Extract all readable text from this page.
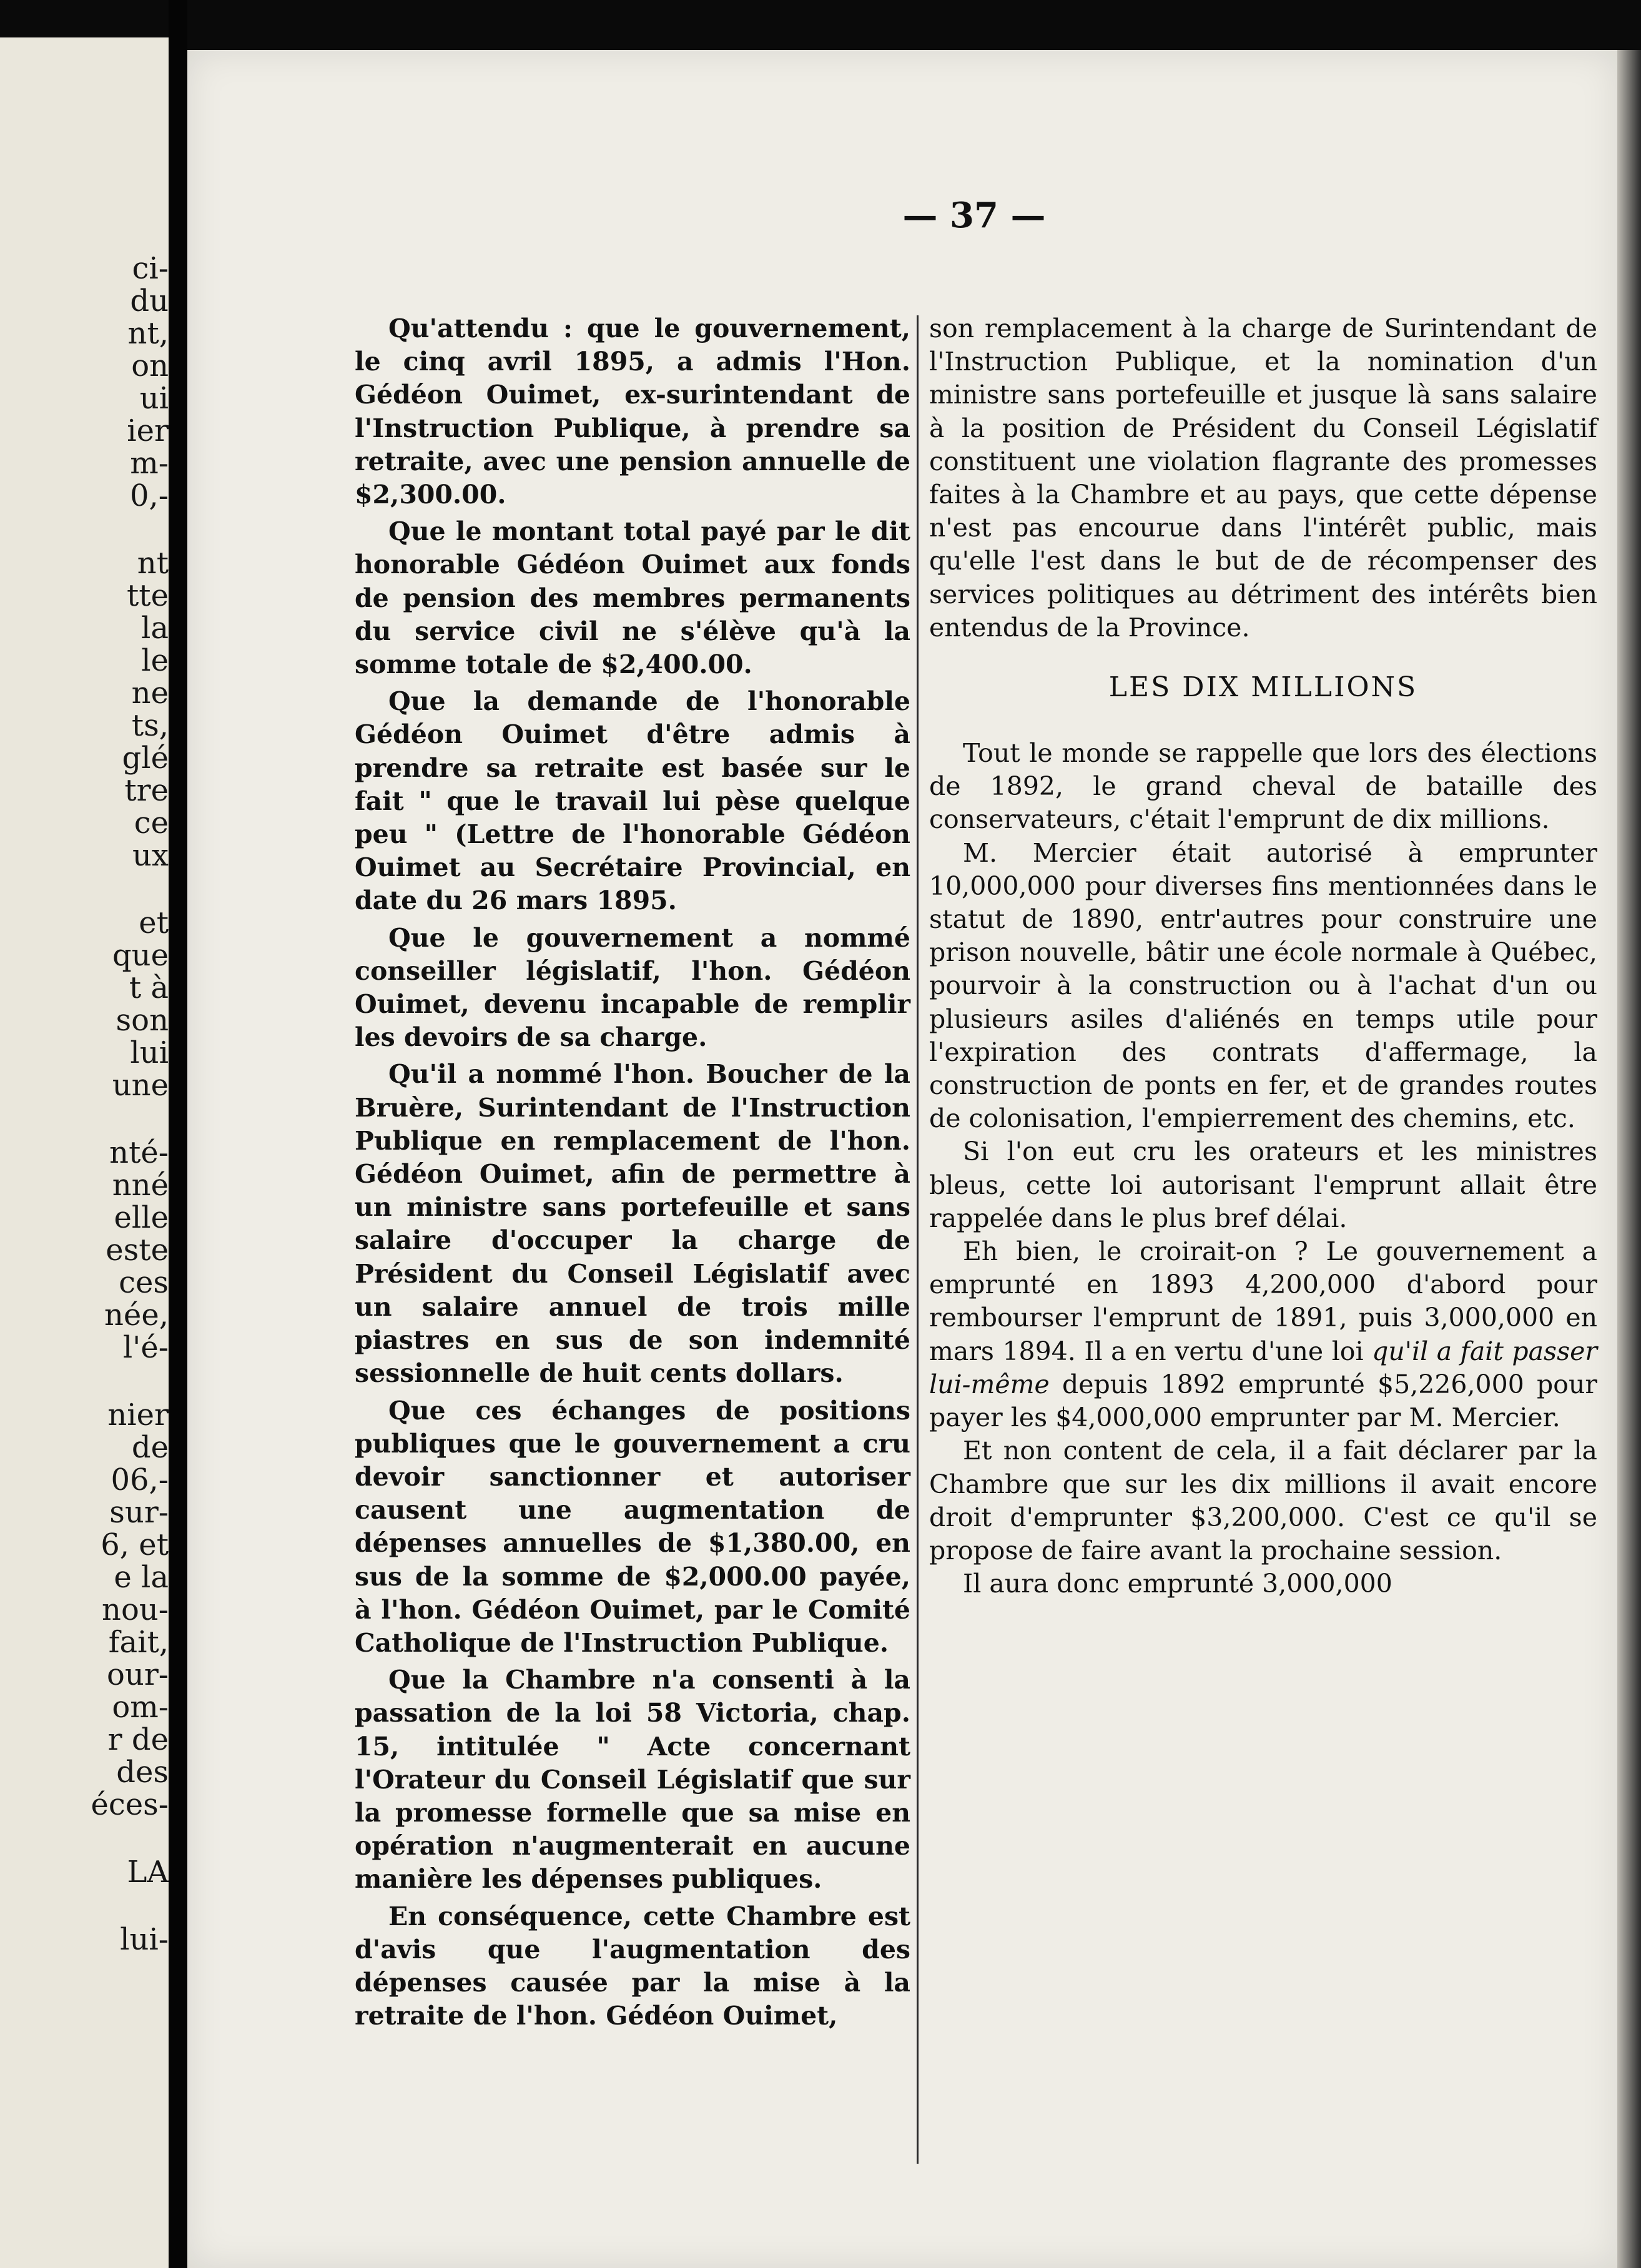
ci-
du
nt,
on
ui
ier
m-
0,-
nt
tte
la
le
ne
ts,
glé
tre
ce
ux
et
que
t à
son
lui
une
nté-
nné
elle
este
ces
née,
l'é-
nier
de
06,-
sur-
6, et
e la
nou-
fait,
our-
om-
r de
des
éces-
LA
lui-
— 37 —

Qu'attendu : que le gouvernement, le cinq avril 1895, a admis l'Hon. Gédéon Ouimet, ex-surintendant de l'Instruction Publique, à prendre sa retraite, avec une pension annuelle de $2,300.00.

Que le montant total payé par le dit honorable Gédéon Ouimet aux fonds de pension des membres permanents du service civil ne s'élève qu'à la somme totale de $2,400.00.

Que la demande de l'honorable Gédéon Ouimet d'être admis à prendre sa retraite est basée sur le fait " que le travail lui pèse quelque peu " (Lettre de l'honorable Gédéon Ouimet au Secrétaire Provincial, en date du 26 mars 1895.

Que le gouvernement a nommé conseiller législatif, l'hon. Gédéon Ouimet, devenu incapable de remplir les devoirs de sa charge.

Qu'il a nommé l'hon. Boucher de la Bruère, Surintendant de l'Instruction Publique en remplacement de l'hon. Gédéon Ouimet, afin de permettre à un ministre sans portefeuille et sans salaire d'occuper la charge de Président du Conseil Législatif avec un salaire annuel de trois mille piastres en sus de son indemnité sessionnelle de huit cents dollars.

Que ces échanges de positions publiques que le gouvernement a cru devoir sanctionner et autoriser causent une augmentation de dépenses annuelles de $1,380.00, en sus de la somme de $2,000.00 payée, à l'hon. Gédéon Ouimet, par le Comité Catholique de l'Instruction Publique.

Que la Chambre n'a consenti à la passation de la loi 58 Victoria, chap. 15, intitulée " Acte concernant l'Orateur du Conseil Législatif que sur la promesse formelle que sa mise en opération n'augmenterait en aucune manière les dépenses publiques.

En conséquence, cette Chambre est d'avis que l'augmentation des dépenses causée par la mise à la retraite de l'hon. Gédéon Ouimet,

son remplacement à la charge de Surintendant de l'Instruction Publique, et la nomination d'un ministre sans portefeuille et jusque là sans salaire à la position de Président du Conseil Législatif constituent une violation flagrante des promesses faites à la Chambre et au pays, que cette dépense n'est pas encourue dans l'intérêt public, mais qu'elle l'est dans le but de de récompenser des services politiques au détriment des intérêts bien entendus de la Province.

LES DIX MILLIONS

Tout le monde se rappelle que lors des élections de 1892, le grand cheval de bataille des conservateurs, c'était l'emprunt de dix millions.

M. Mercier était autorisé à emprunter 10,000,000 pour diverses fins mentionnées dans le statut de 1890, entr'autres pour construire une prison nouvelle, bâtir une école normale à Québec, pourvoir à la construction ou à l'achat d'un ou plusieurs asiles d'aliénés en temps utile pour l'expiration des contrats d'affermage, la construction de ponts en fer, et de grandes routes de colonisation, l'empierrement des chemins, etc.

Si l'on eut cru les orateurs et les ministres bleus, cette loi autorisant l'emprunt allait être rappelée dans le plus bref délai.

Eh bien, le croirait-on ? Le gouvernement a emprunté en 1893 4,200,000 d'abord pour rembourser l'emprunt de 1891, puis 3,000,000 en mars 1894. Il a en vertu d'une loi qu'il a fait passer lui-même depuis 1892 emprunté $5,226,000 pour payer les $4,000,000 emprunter par M. Mercier.

Et non content de cela, il a fait déclarer par la Chambre que sur les dix millions il avait encore droit d'emprunter $3,200,000. C'est ce qu'il se propose de faire avant la prochaine session.

Il aura donc emprunté 3,000,000
